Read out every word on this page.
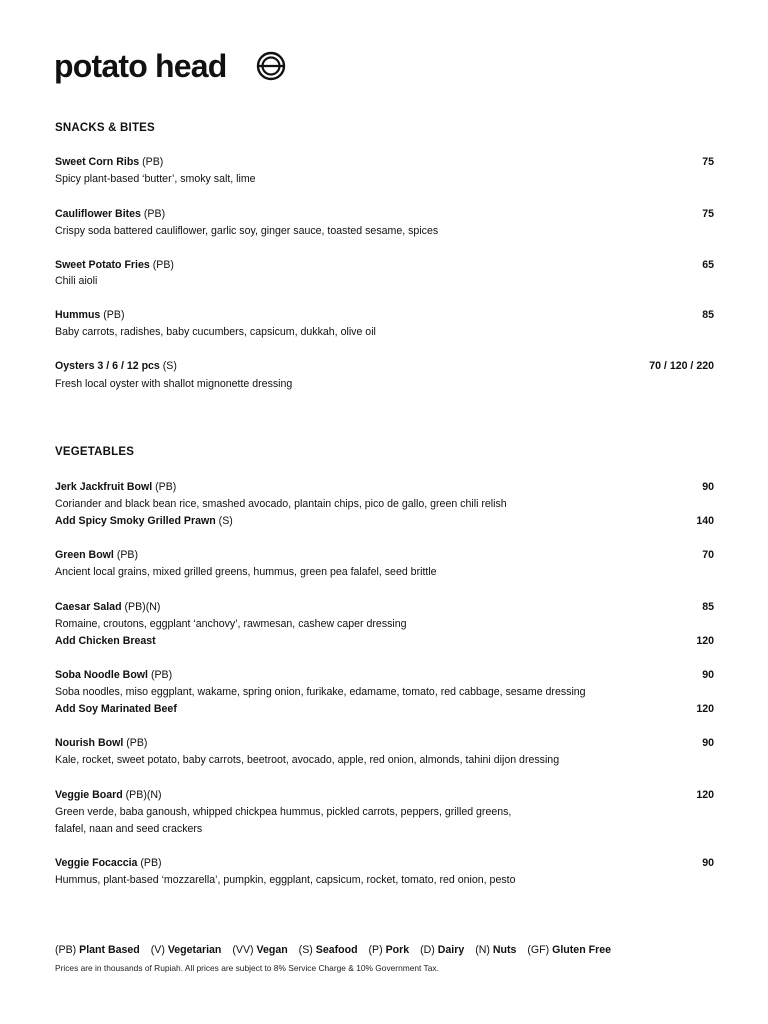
potato head
SNACKS & BITES
Sweet Corn Ribs (PB)	75
Spicy plant-based ‘butter’, smoky salt, lime
Cauliflower Bites (PB)	75
Crispy soda battered cauliflower, garlic soy, ginger sauce, toasted sesame, spices
Sweet Potato Fries (PB)	65
Chili aioli
Hummus (PB)	85
Baby carrots, radishes, baby cucumbers, capsicum, dukkah, olive oil
Oysters 3 / 6 / 12 pcs (S)	70 / 120 / 220
Fresh local oyster with shallot mignonette dressing
VEGETABLES
Jerk Jackfruit Bowl (PB)	90
Coriander and black bean rice, smashed avocado, plantain chips, pico de gallo, green chili relish
Add Spicy Smoky Grilled Prawn (S)	140
Green Bowl (PB)	70
Ancient local grains, mixed grilled greens, hummus, green pea falafel, seed brittle
Caesar Salad (PB)(N)	85
Romaine, croutons, eggplant ‘anchovy’, rawmesan, cashew caper dressing
Add Chicken Breast	120
Soba Noodle Bowl (PB)	90
Soba noodles, miso eggplant, wakame, spring onion, furikake, edamame, tomato, red cabbage, sesame dressing
Add Soy Marinated Beef	120
Nourish Bowl (PB)	90
Kale, rocket, sweet potato, baby carrots, beetroot, avocado, apple, red onion, almonds, tahini dijon dressing
Veggie Board (PB)(N)	120
Green verde, baba ganoush, whipped chickpea hummus, pickled carrots, peppers, grilled greens,
falafel, naan and seed crackers
Veggie Focaccia (PB)	90
Hummus, plant-based ‘mozzarella’, pumpkin, eggplant, capsicum, rocket, tomato, red onion, pesto
(PB) Plant Based (V) Vegetarian (VV) Vegan (S) Seafood (P) Pork (D) Dairy (N) Nuts (GF) Gluten Free
Prices are in thousands of Rupiah. All prices are subject to 8% Service Charge & 10% Government Tax.
